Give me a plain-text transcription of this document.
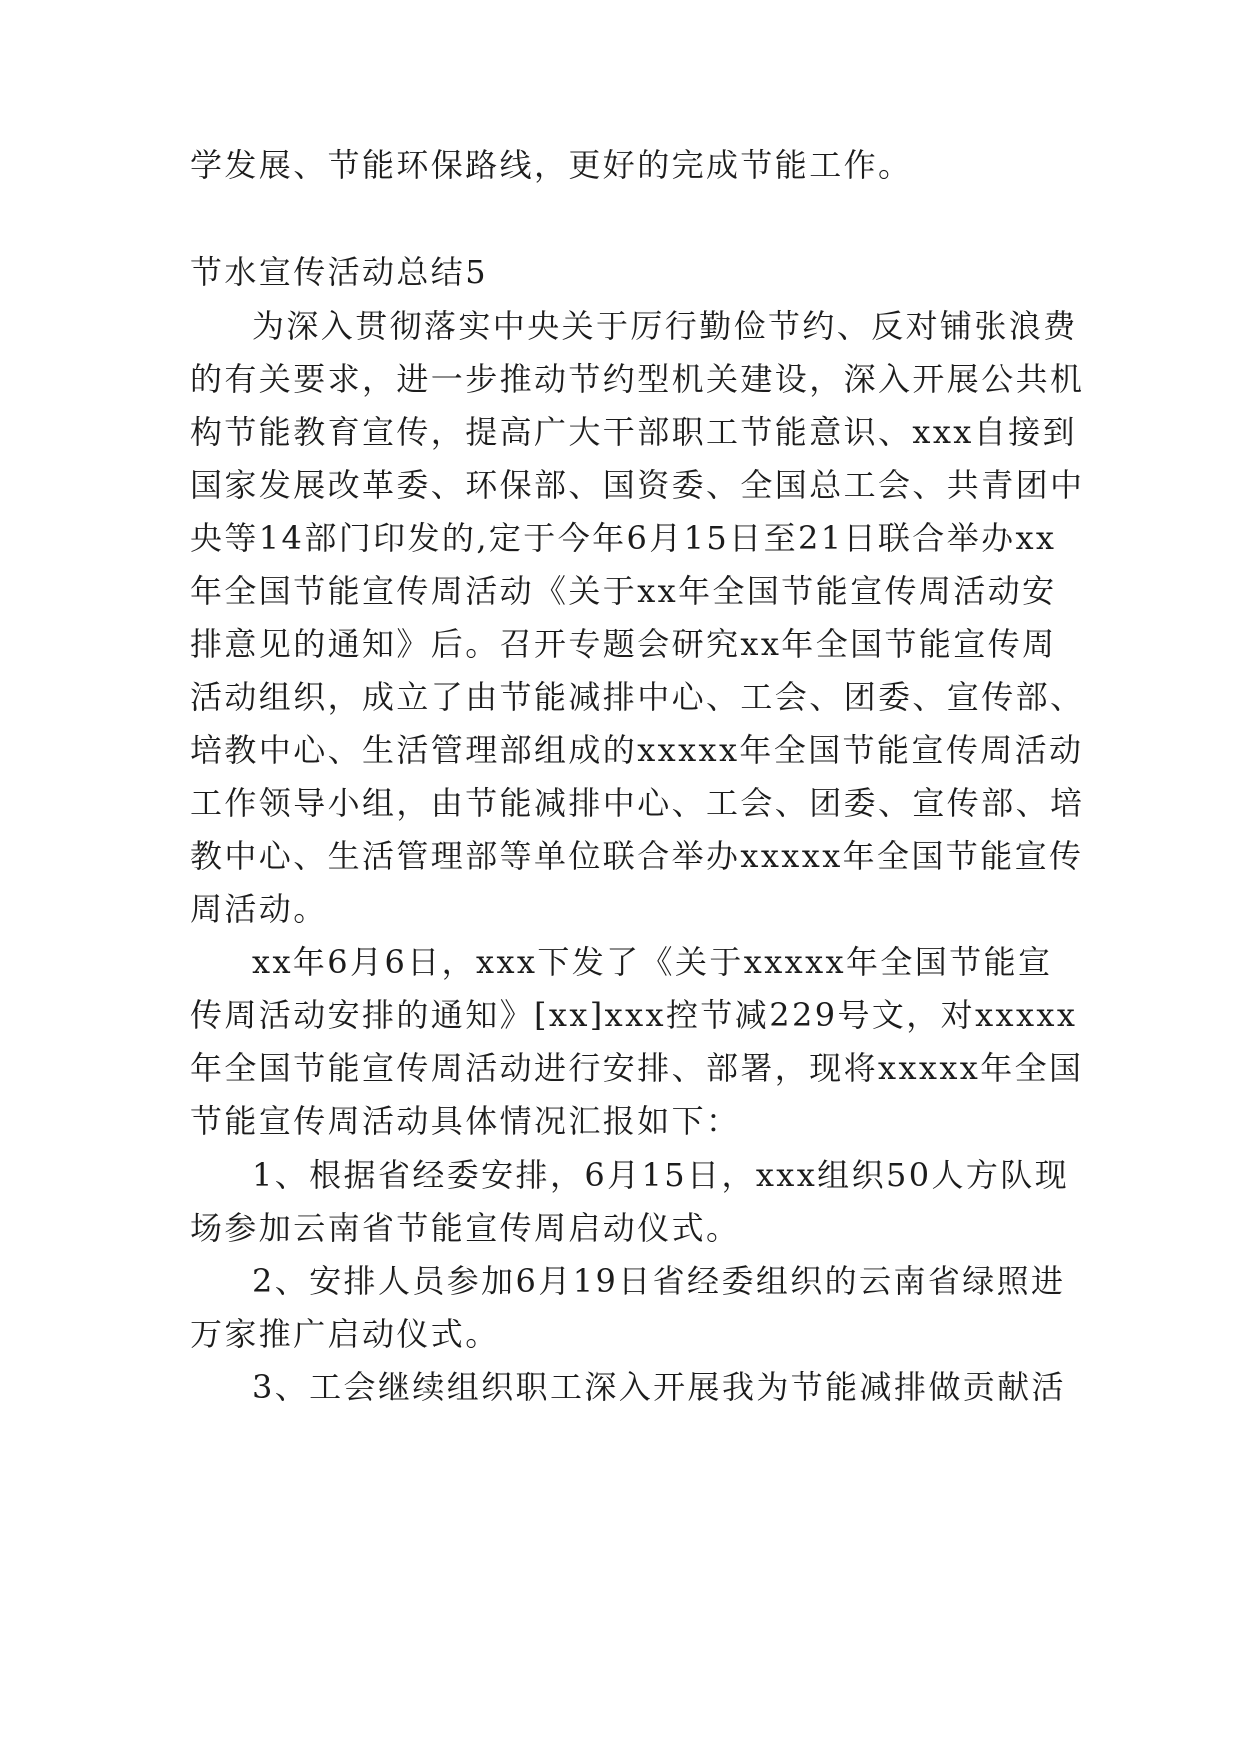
学发展、节能环保路线，更好的完成节能工作。
节水宣传活动总结5
为深入贯彻落实中央关于厉行勤俭节约、反对铺张浪费
的有关要求，进一步推动节约型机关建设，深入开展公共机
构节能教育宣传，提高广大干部职工节能意识、xxx自接到
国家发展改革委、环保部、国资委、全国总工会、共青团中
央等14部门印发的,定于今年6月15日至21日联合举办xx
年全国节能宣传周活动《关于xx年全国节能宣传周活动安
排意见的通知》后。召开专题会研究xx年全国节能宣传周
活动组织，成立了由节能减排中心、工会、团委、宣传部、
培教中心、生活管理部组成的xxxxx年全国节能宣传周活动
工作领导小组，由节能减排中心、工会、团委、宣传部、培
教中心、生活管理部等单位联合举办xxxxx年全国节能宣传
周活动。
xx年6月6日，xxx下发了《关于xxxxx年全国节能宣
传周活动安排的通知》[xx]xxx控节减229号文，对xxxxx
年全国节能宣传周活动进行安排、部署，现将xxxxx年全国
节能宣传周活动具体情况汇报如下：
1、根据省经委安排，6月15日，xxx组织50人方队现
场参加云南省节能宣传周启动仪式。
2、安排人员参加6月19日省经委组织的云南省绿照进
万家推广启动仪式。
3、工会继续组织职工深入开展我为节能减排做贡献活
